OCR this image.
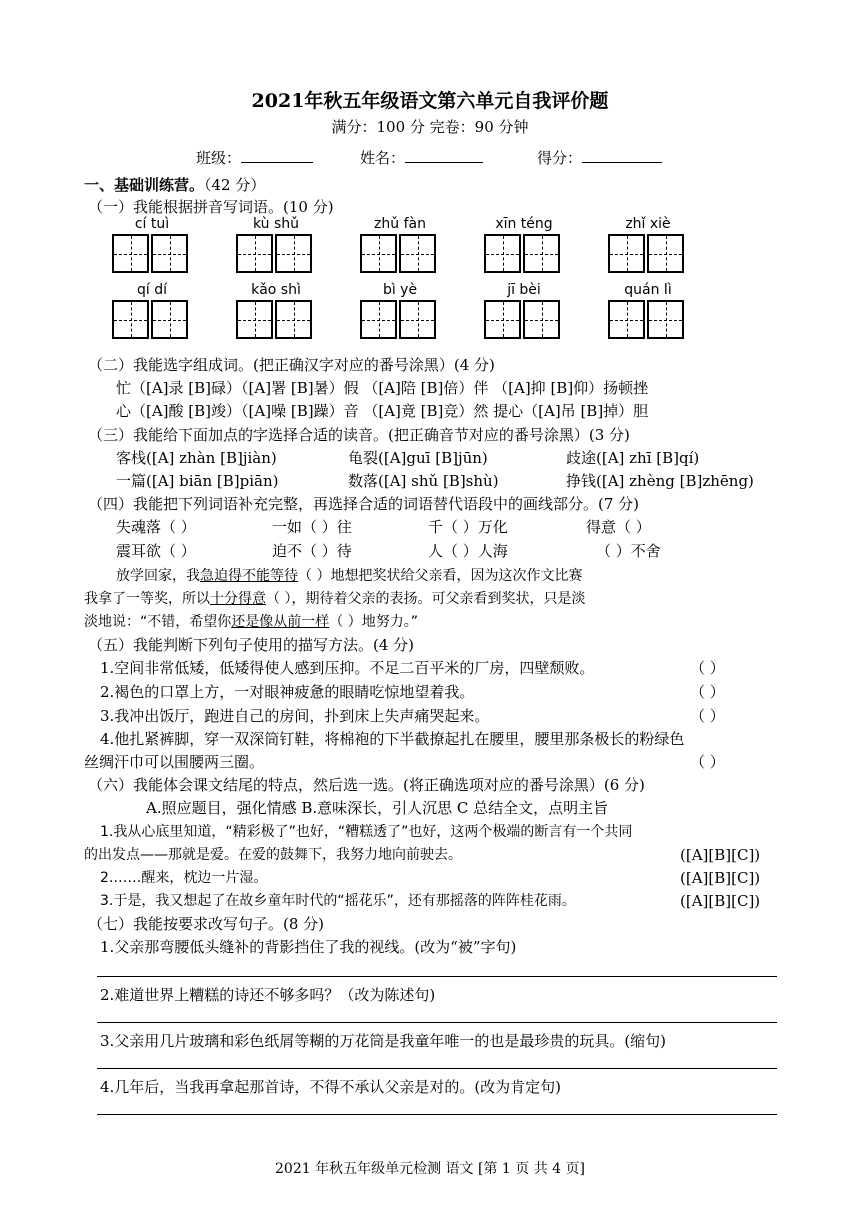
2021年秋五年级语文第六单元自我评价题
满分：100 分 完卷：90 分钟
班级：	姓名：	得分：
一、基础训练营。（42 分）
（一）我能根据拼音写词语。(10 分)
cí tuì	kù shǔ	zhǔ fàn	xīn téng	zhǐ xiè
qí dí	kǎo shì	bì yè	jī bèi	quán lì
（二）我能选字组成词。(把正确汉字对应的番号涂黑）(4 分)
忙（[A]录 [B]碌）（[A]署 [B]暑）假 （[A]陪 [B]倍）伴 （[A]抑 [B]仰）扬顿挫
心（[A]酸 [B]竣）（[A]噪 [B]躁）音 （[A]竟 [B]竞）然 提心（[A]吊 [B]掉）胆
（三）我能给下面加点的字选择合适的读音。(把正确音节对应的番号涂黑）(3 分)
客栈([A] zhàn [B]jiàn)	龟裂([A]guī [B]jūn)	歧途([A] zhī [B]qí)
一篇([A] biān [B]piān)	数落([A] shǔ [B]shù)	挣钱([A] zhèng [B]zhēng)
（四）我能把下列词语补充完整，再选择合适的词语替代语段中的画线部分。(7 分)
失魂落（ ）	一如（ ）往	千（ ）万化	得意（ ）
震耳欲（ ）	迫不（ ）待	人（ ）人海	（ ）不舍
放学回家，我急迫得不能等待（ ）地想把奖状给父亲看，因为这次作文比赛
我拿了一等奖，所以十分得意（ ），期待着父亲的表扬。可父亲看到奖状，只是淡
淡地说：“不错，希望你还是像从前一样（ ）地努力。”
（五）我能判断下列句子使用的描写方法。(4 分)
1.空间非常低矮，低矮得使人感到压抑。不足二百平米的厂房，四壁颓败。	（ ）
2.褐色的口罩上方，一对眼神疲惫的眼睛吃惊地望着我。	（ ）
3.我冲出饭厅，跑进自己的房间，扑到床上失声痛哭起来。	（ ）
4.他扎紧裤脚，穿一双深筒钉鞋，将棉袍的下半截撩起扎在腰里，腰里那条极长的粉绿色
丝绸汗巾可以围腰两三圈。	（ ）
（六）我能体会课文结尾的特点，然后选一选。(将正确选项对应的番号涂黑）(6 分)
A.照应题目，强化情感 B.意味深长，引人沉思 C 总结全文，点明主旨
1.我从心底里知道，“精彩极了”也好，“糟糕透了”也好，这两个极端的断言有一个共同
的出发点——那就是爱。在爱的鼓舞下，我努力地向前驶去。	([A][B][C])
2.……醒来，枕边一片湿。	([A][B][C])
3.于是，我又想起了在故乡童年时代的“摇花乐”，还有那摇落的阵阵桂花雨。	([A][B][C])
（七）我能按要求改写句子。(8 分)
1.父亲那弯腰低头缝补的背影挡住了我的视线。(改为“被”字句)
2.难道世界上糟糕的诗还不够多吗？（改为陈述句)
3.父亲用几片玻璃和彩色纸屑等糊的万花筒是我童年唯一的也是最珍贵的玩具。(缩句)
4.几年后，当我再拿起那首诗，不得不承认父亲是对的。(改为肯定句)
2021 年秋五年级单元检测 语文 [第 1 页 共 4 页]
